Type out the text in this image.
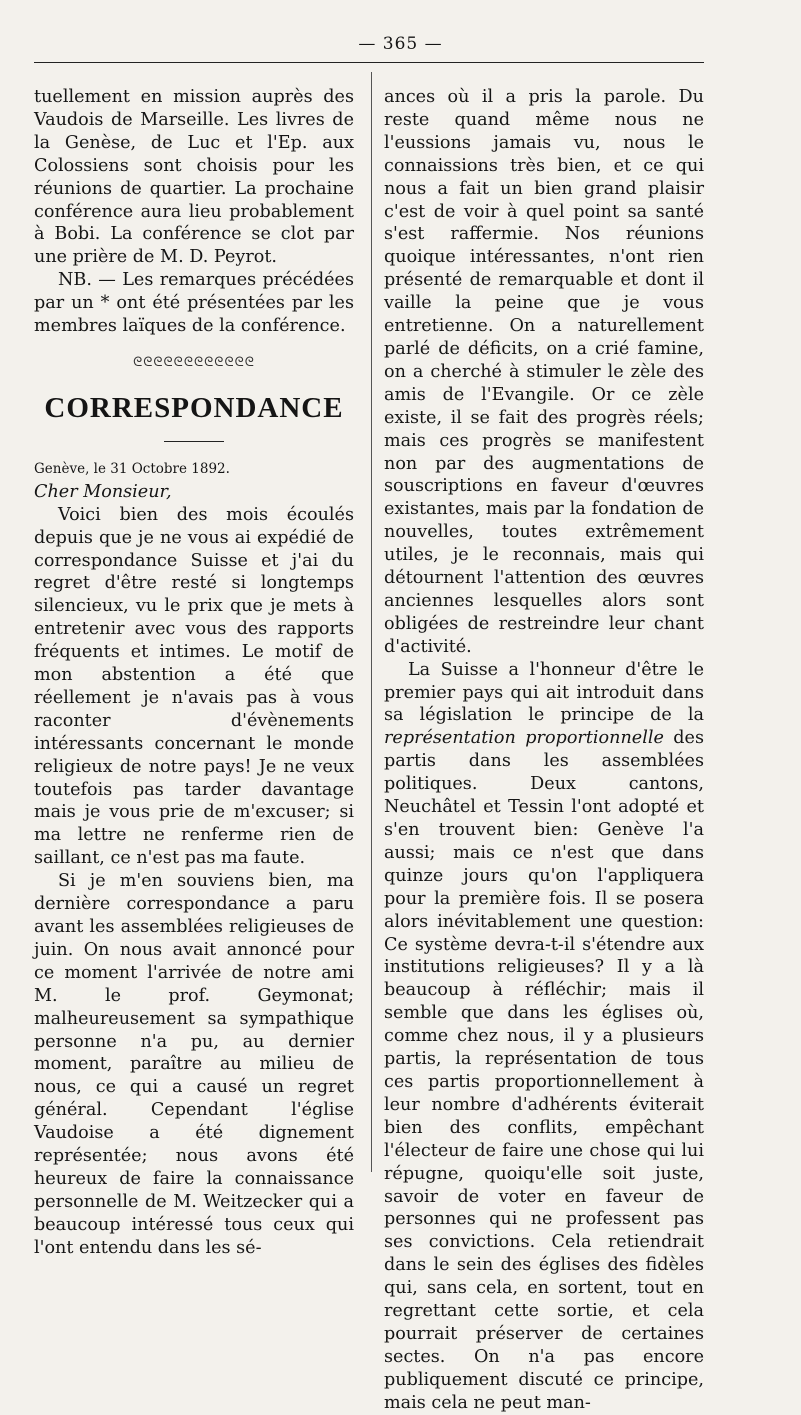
— 365 —

tuellement en mission auprès des Vaudois de Marseille. Les livres de la Genèse, de Luc et l'Ep. aux Colossiens sont choisis pour les réunions de quartier. La prochaine conférence aura lieu probablement à Bobi. La conférence se clot par une prière de M. D. Peyrot.

NB. — Les remarques précédées par un * ont été présentées par les membres laïques de la conférence.

ᘓᘓᘓᘓᘓᘓᘓᘓᘓᘓᘓᘓ
CORRESPONDANCE

Genève, le 31 Octobre 1892.

Cher Monsieur,

Voici bien des mois écoulés depuis que je ne vous ai expédié de correspondance Suisse et j'ai du regret d'être resté si longtemps silencieux, vu le prix que je mets à entretenir avec vous des rapports fréquents et intimes. Le motif de mon abstention a été que réellement je n'avais pas à vous raconter d'évènements intéressants concernant le monde religieux de notre pays! Je ne veux toutefois pas tarder davantage mais je vous prie de m'excuser; si ma lettre ne renferme rien de saillant, ce n'est pas ma faute.

Si je m'en souviens bien, ma dernière correspondance a paru avant les assemblées religieuses de juin. On nous avait annoncé pour ce moment l'arrivée de notre ami M. le prof. Geymonat; malheureusement sa sympathique personne n'a pu, au dernier moment, paraître au milieu de nous, ce qui a causé un regret général. Cependant l'église Vaudoise a été dignement représentée; nous avons été heureux de faire la connaissance personnelle de M. Weitzecker qui a beaucoup intéressé tous ceux qui l'ont entendu dans les sé-

ances où il a pris la parole. Du reste quand même nous ne l'eussions jamais vu, nous le connaissions très bien, et ce qui nous a fait un bien grand plaisir c'est de voir à quel point sa santé s'est raffermie. Nos réunions quoique intéressantes, n'ont rien présenté de remarquable et dont il vaille la peine que je vous entretienne. On a naturellement parlé de déficits, on a crié famine, on a cherché à stimuler le zèle des amis de l'Evangile. Or ce zèle existe, il se fait des progrès réels; mais ces progrès se manifestent non par des augmentations de souscriptions en faveur d'œuvres existantes, mais par la fondation de nouvelles, toutes extrêmement utiles, je le reconnais, mais qui détournent l'attention des œuvres anciennes lesquelles alors sont obligées de restreindre leur chant d'activité.

La Suisse a l'honneur d'être le premier pays qui ait introduit dans sa législation le principe de la représentation proportionnelle des partis dans les assemblées politiques. Deux cantons, Neuchâtel et Tessin l'ont adopté et s'en trouvent bien: Genève l'a aussi; mais ce n'est que dans quinze jours qu'on l'appliquera pour la première fois. Il se posera alors inévitablement une question: Ce système devra-t-il s'étendre aux institutions religieuses? Il y a là beaucoup à réfléchir; mais il semble que dans les églises où, comme chez nous, il y a plusieurs partis, la représentation de tous ces partis proportionnellement à leur nombre d'adhérents éviterait bien des conflits, empêchant l'électeur de faire une chose qui lui répugne, quoiqu'elle soit juste, savoir de voter en faveur de personnes qui ne professent pas ses convictions. Cela retiendrait dans le sein des églises des fidèles qui, sans cela, en sortent, tout en regrettant cette sortie, et cela pourrait préserver de certaines sectes. On n'a pas encore publiquement discuté ce principe, mais cela ne peut man-
